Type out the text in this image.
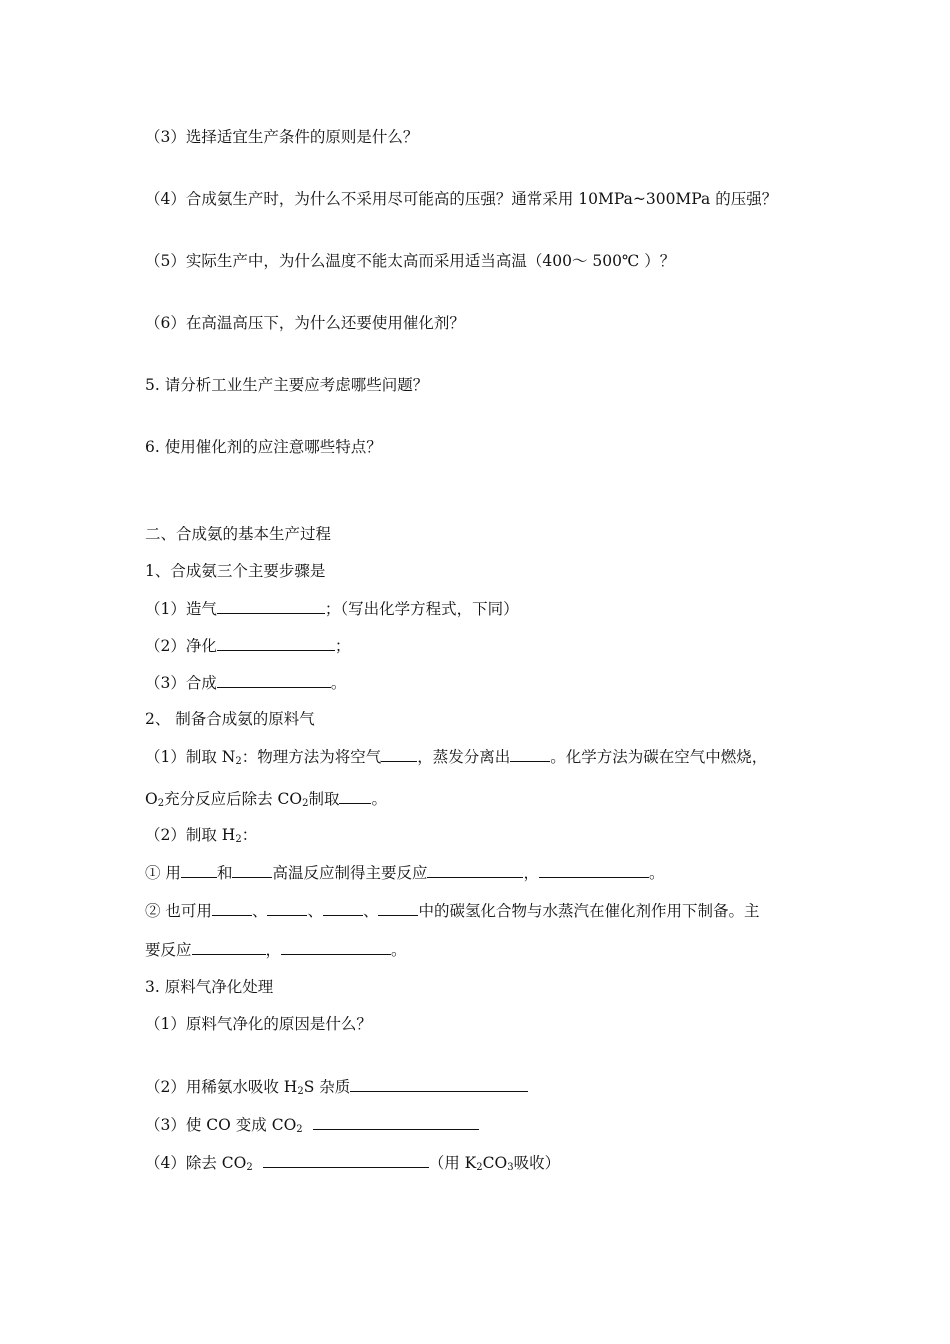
（3）选择适宜生产条件的原则是什么？
（4）合成氨生产时，为什么不采用尽可能高的压强？通常采用 10MPa~300MPa 的压强？
（5）实际生产中，为什么温度不能太高而采用适当高温（400～ 500℃ ）？
（6）在高温高压下，为什么还要使用催化剂？
5. 请分析工业生产主要应考虑哪些问题？
6. 使用催化剂的应注意哪些特点？
二、合成氨的基本生产过程
1、合成氨三个主要步骤是
（1）造气	；（写出化学方程式，下同）
（2）净化	；
（3）合成	。
2、 制备合成氨的原料气
（1）制取 $N_2$：物理方法为将空气 ，蒸发分离出	。化学方法为碳在空气中燃烧，
$O_2$充分反应后除去 $CO_2$制取 。
（2）制取 $H_2$：
① 用 和	高温反应制得主要反应	，	。
② 也可用	、	、	、	中的碳氢化合物与水蒸汽在催化剂作用下制备。主
要反应	，	。
3. 原料气净化处理
（1）原料气净化的原因是什么？
（2）用稀氨水吸收 $H_2S$ 杂质
（3）使 CO 变成 $CO_2$
（4）除去 $CO_2$	（用 $K_2CO_3$吸收）
